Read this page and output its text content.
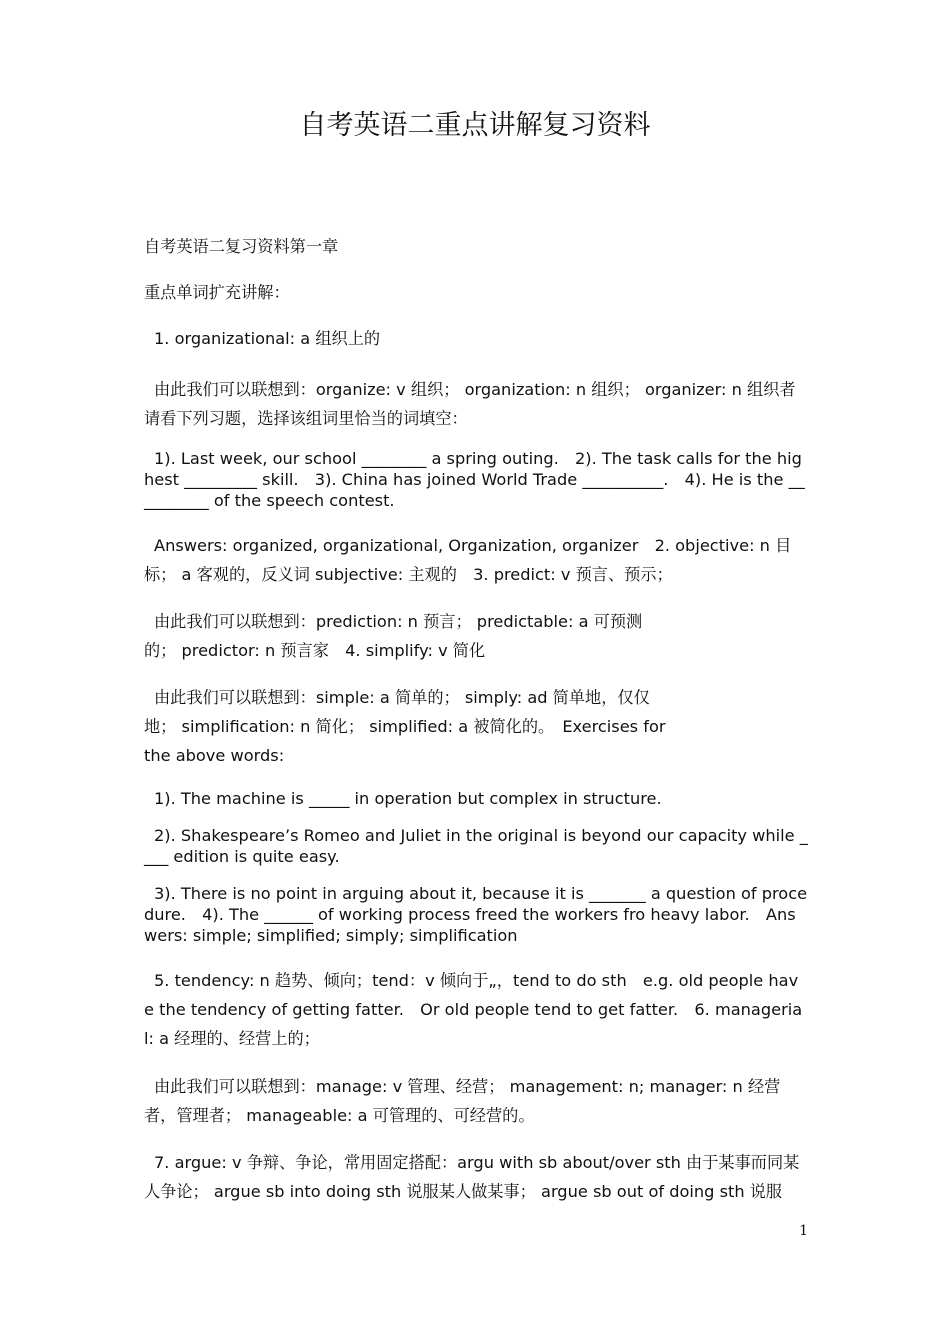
自考英语二重点讲解复习资料

自考英语二复习资料第一章

重点单词扩充讲解：

1. organizational: a 组织上的

由此我们可以联想到：organize: v 组织； organization: n 组织； organizer: n 组织者　请看下列习题，选择该组词里恰当的词填空：

1). Last week, our school ________ a spring outing.　2). The task calls for the highest _________ skill.　3). China has joined World Trade __________.　4). He is the __________ of the speech contest.

Answers: organized, organizational, Organization, organizer　2. objective: n 目标； a 客观的，反义词 subjective: 主观的　3. predict: v 预言、预示；

由此我们可以联想到：prediction: n 预言； predictable: a 可预测的； predictor: n 预言家　4. simplify: v 简化

由此我们可以联想到：simple: a 简单的； simply: ad 简单地，仅仅地； simplification: n 简化； simplified: a 被简化的。　Exercises for the above words:

1). The machine is _____ in operation but complex in structure.

2). Shakespeare’s Romeo and Juliet in the original is beyond our capacity while ____ edition is quite easy.

3). There is no point in arguing about it, because it is _______ a question of procedure.　4). The ______ of working process freed the workers fro heavy labor.　Answers: simple; simplified; simply; simplification

5. tendency: n 趋势、倾向；tend：v 倾向于„，tend to do sth　e.g. old people have the tendency of getting fatter.　Or old people tend to get fatter.　6. managerial: a 经理的、经营上的；

由此我们可以联想到：manage: v 管理、经营； management: n; manager: n 经营者，管理者； manageable: a 可管理的、可经营的。

7. argue: v 争辩、争论，常用固定搭配：argu with sb about/over sth 由于某事而同某人争论； argue sb into doing sth 说服某人做某事； argue sb out of doing sth 说服

1
